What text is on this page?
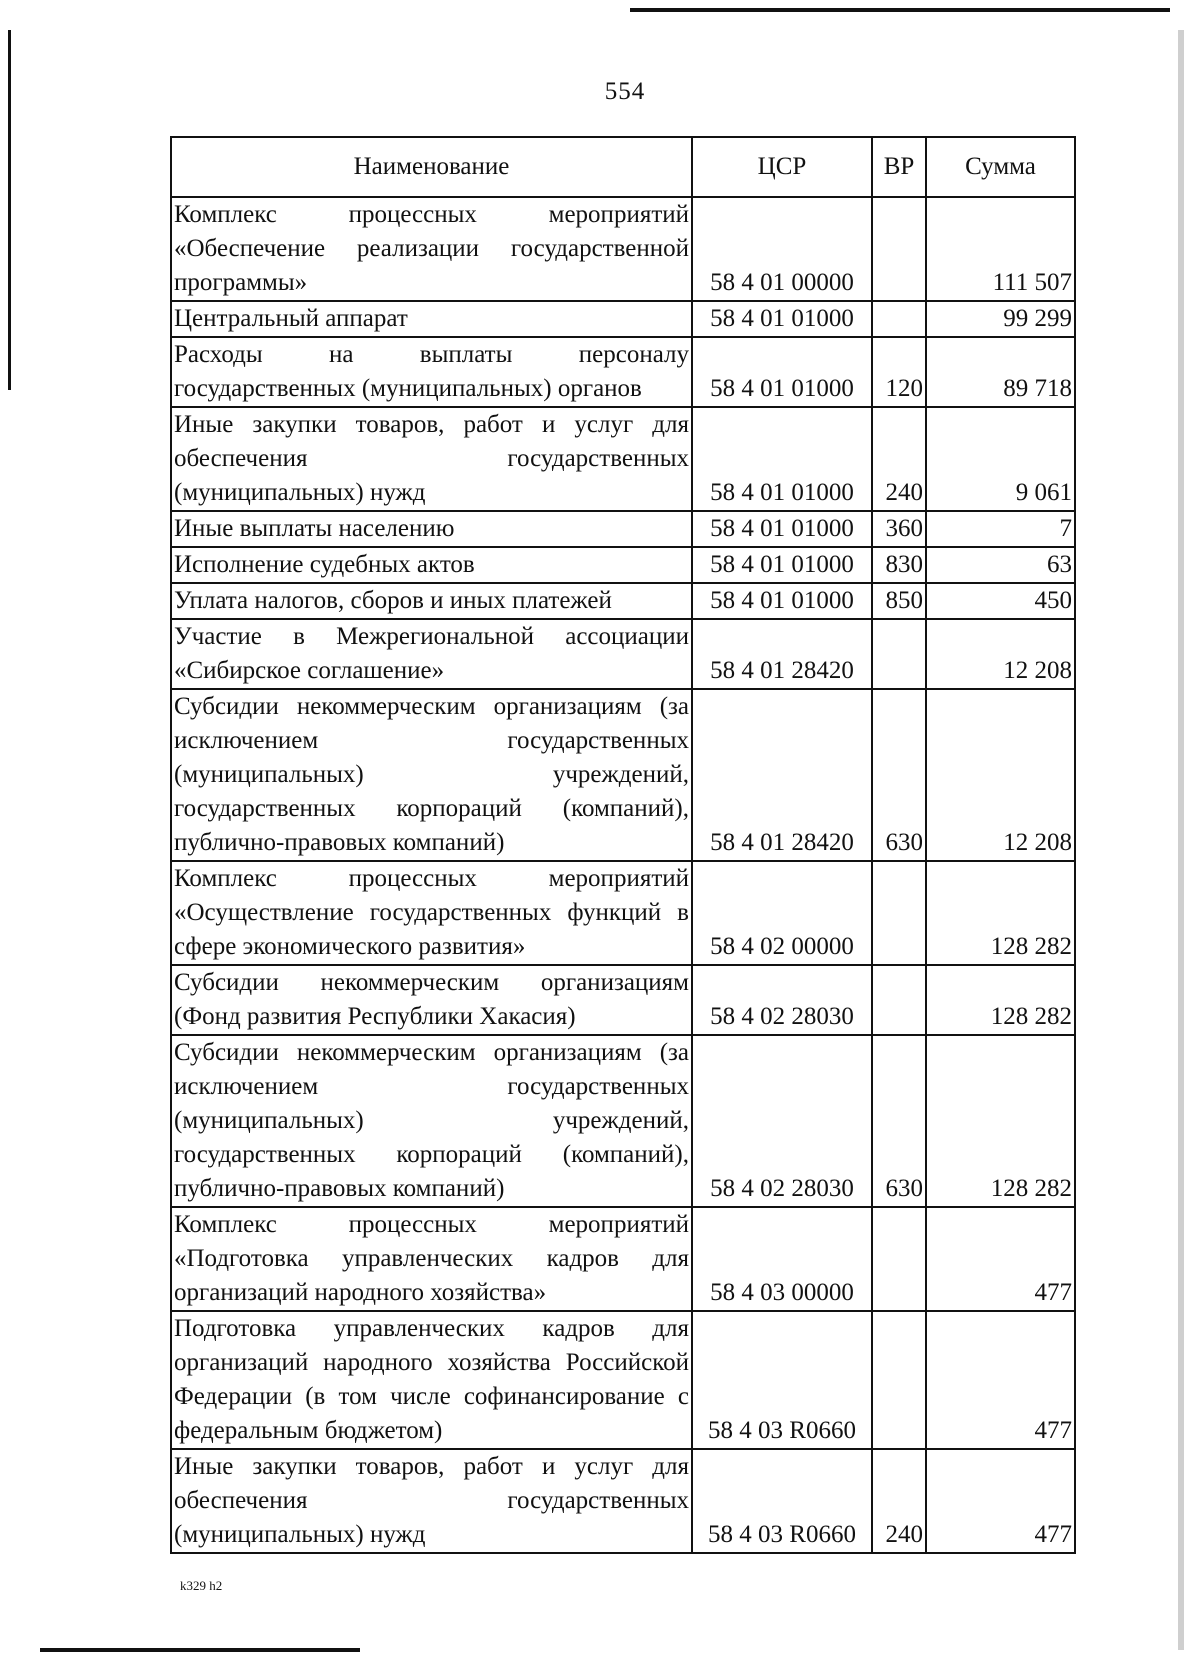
554
Наименование	ЦСР	ВР	Сумма
Комплекс процессных мероприятий «Обеспечение реализации государственной программы»	58 4 01 00000		111 507
Центральный аппарат	58 4 01 01000		99 299
Расходы на выплаты персоналу государственных (муниципальных) органов	58 4 01 01000	120	89 718
Иные закупки товаров, работ и услуг для обеспечения государственных (муниципальных) нужд	58 4 01 01000	240	9 061
Иные выплаты населению	58 4 01 01000	360	7
Исполнение судебных актов	58 4 01 01000	830	63
Уплата налогов, сборов и иных платежей	58 4 01 01000	850	450
Участие в Межрегиональной ассоциации «Сибирское соглашение»	58 4 01 28420		12 208
Субсидии некоммерческим организациям (за исключением государственных (муниципальных) учреждений, государственных корпораций (компаний), публично-правовых компаний)	58 4 01 28420	630	12 208
Комплекс процессных мероприятий «Осуществление государственных функций в сфере экономического развития»	58 4 02 00000		128 282
Субсидии некоммерческим организациям (Фонд развития Республики Хакасия)	58 4 02 28030		128 282
Субсидии некоммерческим организациям (за исключением государственных (муниципальных) учреждений, государственных корпораций (компаний), публично-правовых компаний)	58 4 02 28030	630	128 282
Комплекс процессных мероприятий «Подготовка управленческих кадров для организаций народного хозяйства»	58 4 03 00000		477
Подготовка управленческих кадров для организаций народного хозяйства Российской Федерации (в том числе софинансирование с федеральным бюджетом)	58 4 03 R0660		477
Иные закупки товаров, работ и услуг для обеспечения государственных (муниципальных) нужд	58 4 03 R0660	240	477
k329 h2
